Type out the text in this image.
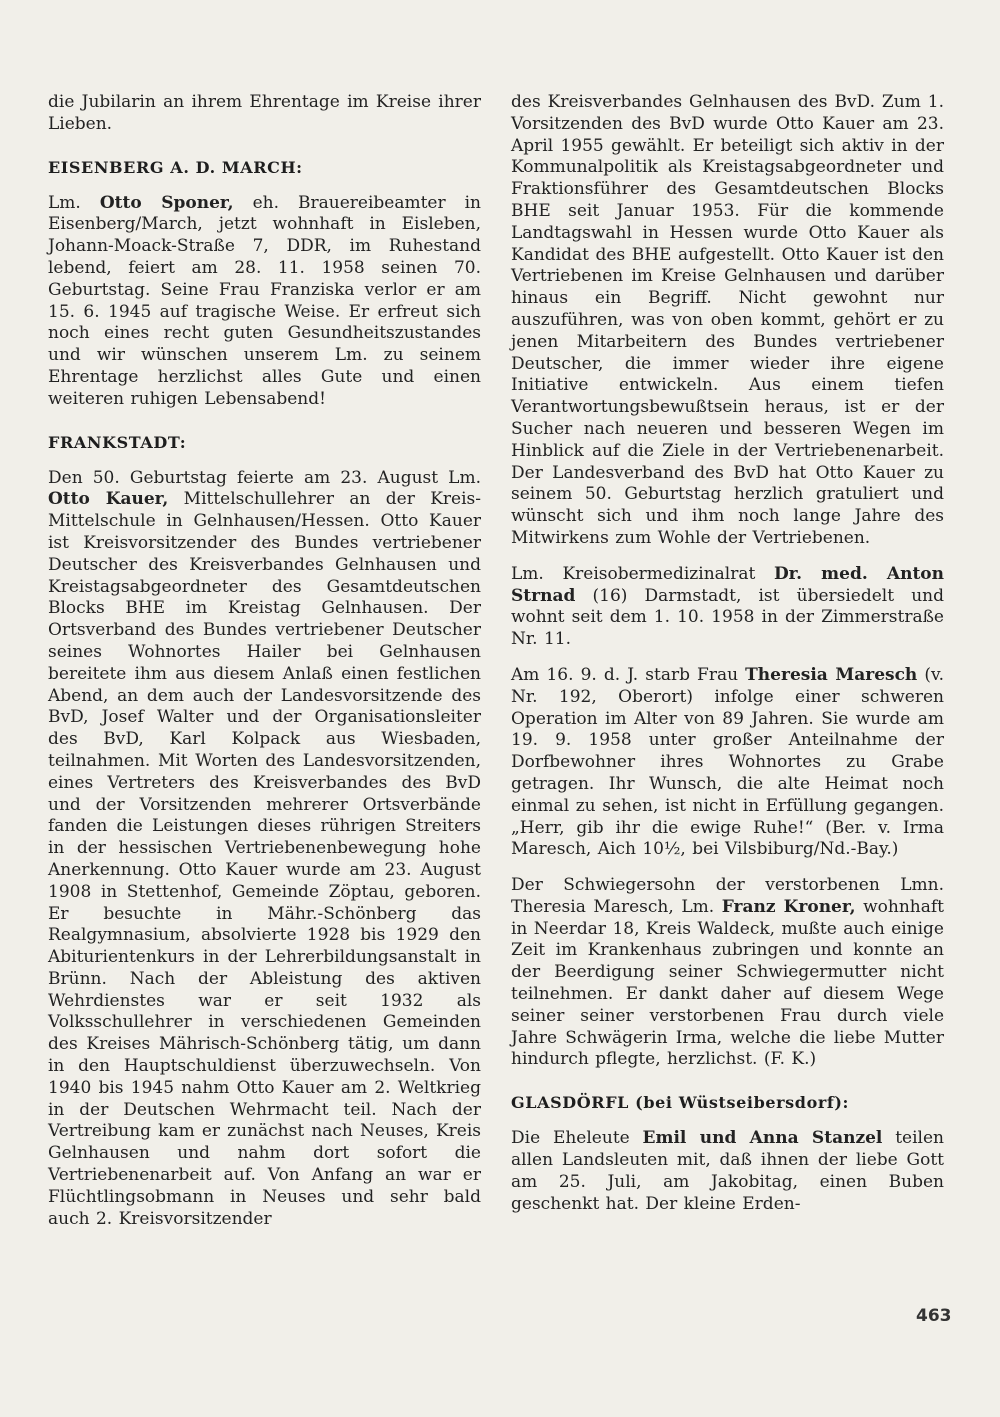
die Jubilarin an ihrem Ehrentage im Kreise ihrer Lieben.

EISENBERG A. D. MARCH:

Lm. Otto Sponer, eh. Brauereibeamter in Eisenberg/March, jetzt wohnhaft in Eisleben, Johann-Moack-Straße 7, DDR, im Ruhestand lebend, feiert am 28. 11. 1958 seinen 70. Geburtstag. Seine Frau Franziska verlor er am 15. 6. 1945 auf tragische Weise. Er erfreut sich noch eines recht guten Gesundheitszustandes und wir wünschen unserem Lm. zu seinem Ehrentage herzlichst alles Gute und einen weiteren ruhigen Lebensabend!

FRANKSTADT:

Den 50. Geburtstag feierte am 23. August Lm. Otto Kauer, Mittelschullehrer an der Kreis-Mittelschule in Gelnhausen/Hessen. Otto Kauer ist Kreisvorsitzender des Bundes vertriebener Deutscher des Kreisverbandes Gelnhausen und Kreistagsabgeordneter des Gesamtdeutschen Blocks BHE im Kreistag Gelnhausen. Der Ortsverband des Bundes vertriebener Deutscher seines Wohnortes Hailer bei Gelnhausen bereitete ihm aus diesem Anlaß einen festlichen Abend, an dem auch der Landesvorsitzende des BvD, Josef Walter und der Organisationsleiter des BvD, Karl Kolpack aus Wiesbaden, teilnahmen. Mit Worten des Landesvorsitzenden, eines Vertreters des Kreisverbandes des BvD und der Vorsitzenden mehrerer Ortsverbände fanden die Leistungen dieses rührigen Streiters in der hessischen Vertriebenenbewegung hohe Anerkennung. Otto Kauer wurde am 23. August 1908 in Stettenhof, Gemeinde Zöptau, geboren. Er besuchte in Mähr.-Schönberg das Realgymnasium, absolvierte 1928 bis 1929 den Abiturientenkurs in der Lehrerbildungsanstalt in Brünn. Nach der Ableistung des aktiven Wehrdienstes war er seit 1932 als Volksschullehrer in verschiedenen Gemeinden des Kreises Mährisch-Schönberg tätig, um dann in den Hauptschuldienst überzuwechseln. Von 1940 bis 1945 nahm Otto Kauer am 2. Weltkrieg in der Deutschen Wehrmacht teil. Nach der Vertreibung kam er zunächst nach Neuses, Kreis Gelnhausen und nahm dort sofort die Vertriebenenarbeit auf. Von Anfang an war er Flüchtlingsobmann in Neuses und sehr bald auch 2. Kreisvorsitzender

des Kreisverbandes Gelnhausen des BvD. Zum 1. Vorsitzenden des BvD wurde Otto Kauer am 23. April 1955 gewählt. Er beteiligt sich aktiv in der Kommunalpolitik als Kreistagsabgeordneter und Fraktionsführer des Gesamtdeutschen Blocks BHE seit Januar 1953. Für die kommende Landtagswahl in Hessen wurde Otto Kauer als Kandidat des BHE aufgestellt. Otto Kauer ist den Vertriebenen im Kreise Gelnhausen und darüber hinaus ein Begriff. Nicht gewohnt nur auszuführen, was von oben kommt, gehört er zu jenen Mitarbeitern des Bundes vertriebener Deutscher, die immer wieder ihre eigene Initiative entwickeln. Aus einem tiefen Verantwortungsbewußtsein heraus, ist er der Sucher nach neueren und besseren Wegen im Hinblick auf die Ziele in der Vertriebenenarbeit. Der Landesverband des BvD hat Otto Kauer zu seinem 50. Geburtstag herzlich gratuliert und wünscht sich und ihm noch lange Jahre des Mitwirkens zum Wohle der Vertriebenen.

Lm. Kreisobermedizinalrat Dr. med. Anton Strnad (16) Darmstadt, ist übersiedelt und wohnt seit dem 1. 10. 1958 in der Zimmerstraße Nr. 11.

Am 16. 9. d. J. starb Frau Theresia Maresch (v. Nr. 192, Oberort) infolge einer schweren Operation im Alter von 89 Jahren. Sie wurde am 19. 9. 1958 unter großer Anteilnahme der Dorfbewohner ihres Wohnortes zu Grabe getragen. Ihr Wunsch, die alte Heimat noch einmal zu sehen, ist nicht in Erfüllung gegangen. „Herr, gib ihr die ewige Ruhe!“ (Ber. v. Irma Maresch, Aich 10½, bei Vilsbiburg/Nd.-Bay.)

Der Schwiegersohn der verstorbenen Lmn. Theresia Maresch, Lm. Franz Kroner, wohnhaft in Neerdar 18, Kreis Waldeck, mußte auch einige Zeit im Krankenhaus zubringen und konnte an der Beerdigung seiner Schwiegermutter nicht teilnehmen. Er dankt daher auf diesem Wege seiner seiner verstorbenen Frau durch viele Jahre Schwägerin Irma, welche die liebe Mutter hindurch pflegte, herzlichst. (F. K.)

GLASDÖRFL (bei Wüstseibersdorf):

Die Eheleute Emil und Anna Stanzel teilen allen Landsleuten mit, daß ihnen der liebe Gott am 25. Juli, am Jakobitag, einen Buben geschenkt hat. Der kleine Erden-

463
